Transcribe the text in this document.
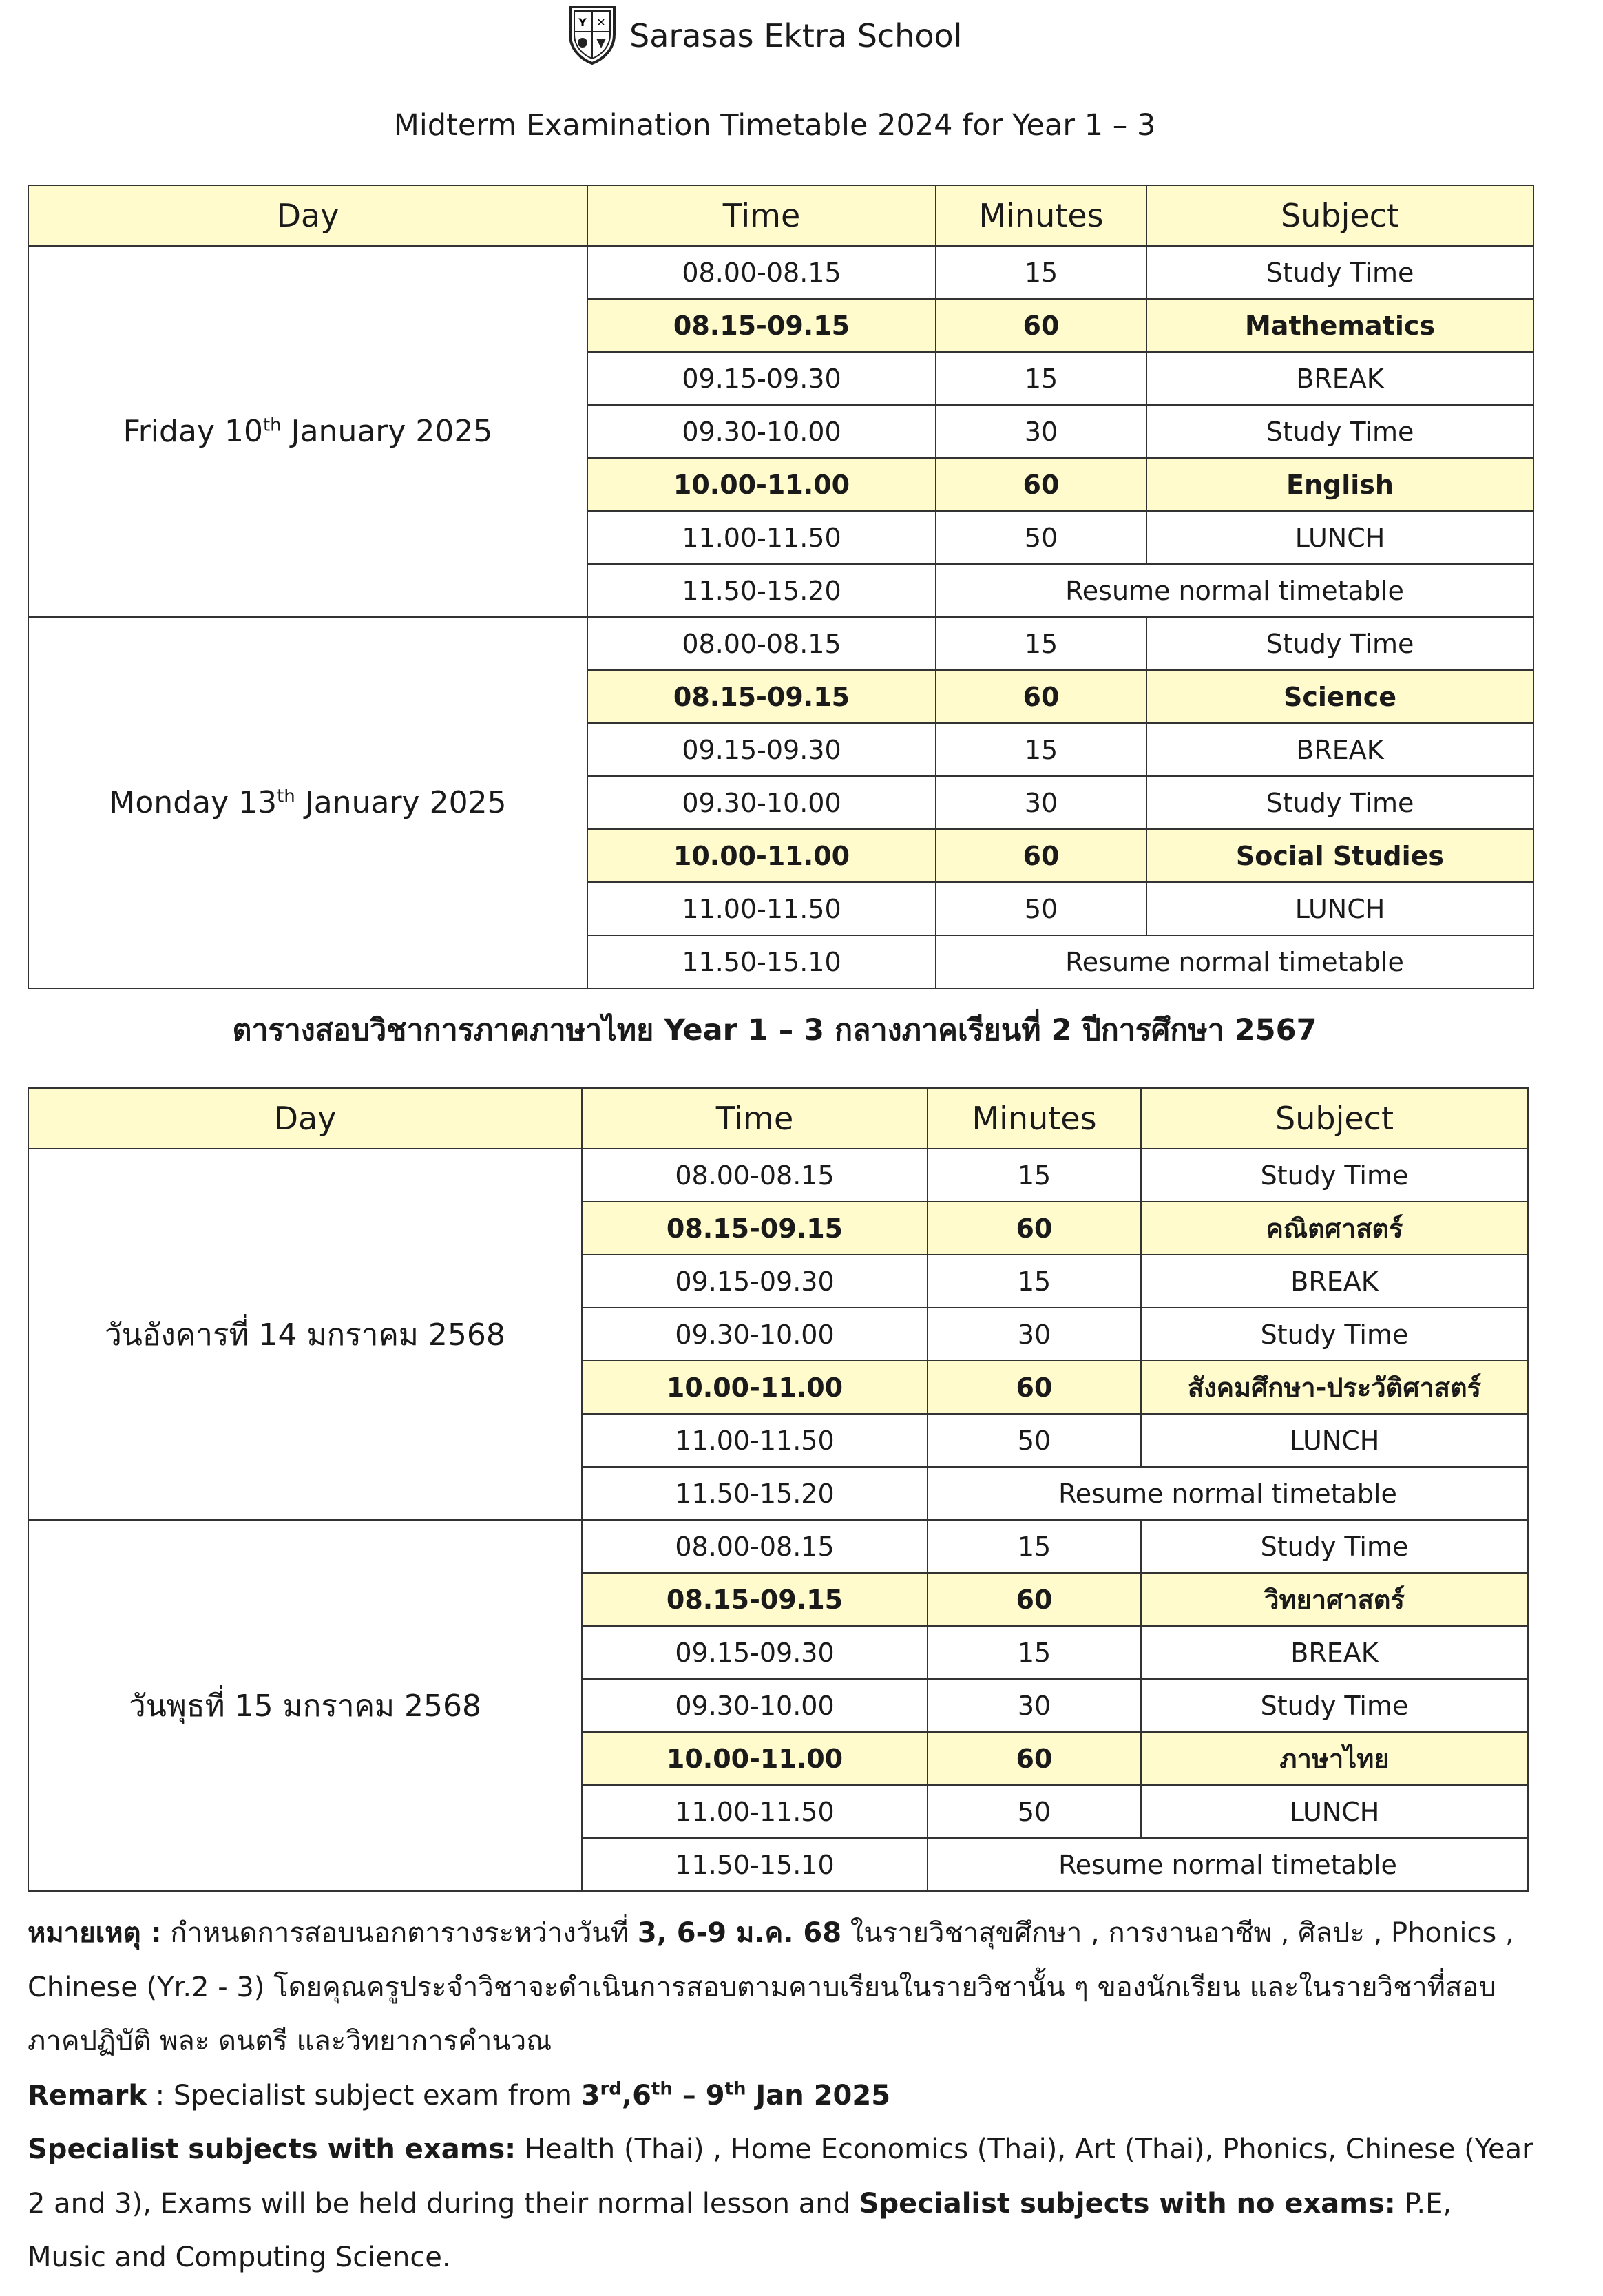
Y ✕ Sarasas Ektra School
Midterm Examination Timetable 2024 for Year 1 – 3
Day	Time	Minutes	Subject
Friday 10th January 2025	08.00-08.15	15	Study Time
	08.15-09.15	60	Mathematics
	09.15-09.30	15	BREAK
	09.30-10.00	30	Study Time
	10.00-11.00	60	English
	11.00-11.50	50	LUNCH
	11.50-15.20	Resume normal timetable	
Monday 13th January 2025	08.00-08.15	15	Study Time
	08.15-09.15	60	Science
	09.15-09.30	15	BREAK
	09.30-10.00	30	Study Time
	10.00-11.00	60	Social Studies
	11.00-11.50	50	LUNCH
	11.50-15.10	Resume normal timetable	
ตารางสอบวิชาการภาคภาษาไทย Year 1 – 3 กลางภาคเรียนที่ 2 ปีการศึกษา 2567
Day	Time	Minutes	Subject
วันอังคารที่ 14 มกราคม 2568	08.00-08.15	15	Study Time
	08.15-09.15	60	คณิตศาสตร์
	09.15-09.30	15	BREAK
	09.30-10.00	30	Study Time
	10.00-11.00	60	สังคมศึกษา-ประวัติศาสตร์
	11.00-11.50	50	LUNCH
	11.50-15.20	Resume normal timetable	
วันพุธที่ 15 มกราคม 2568	08.00-08.15	15	Study Time
	08.15-09.15	60	วิทยาศาสตร์
	09.15-09.30	15	BREAK
	09.30-10.00	30	Study Time
	10.00-11.00	60	ภาษาไทย
	11.00-11.50	50	LUNCH
	11.50-15.10	Resume normal timetable	

หมายเหตุ : กำหนดการสอบนอกตารางระหว่างวันที่ 3, 6-9 ม.ค. 68 ในรายวิชาสุขศึกษา , การงานอาชีพ , ศิลปะ , Phonics , Chinese (Yr.2 - 3) โดยคุณครูประจำวิชาจะดำเนินการสอบตามคาบเรียนในรายวิชานั้น ๆ ของนักเรียน และในรายวิชาที่สอบภาคปฏิบัติ พละ ดนตรี และวิทยาการคำนวณ

Remark : Specialist subject exam from 3rd,6th – 9th Jan 2025

Specialist subjects with exams: Health (Thai) , Home Economics (Thai), Art (Thai), Phonics, Chinese (Year 2 and 3), Exams will be held during their normal lesson and Specialist subjects with no exams: P.E, Music and Computing Science.
